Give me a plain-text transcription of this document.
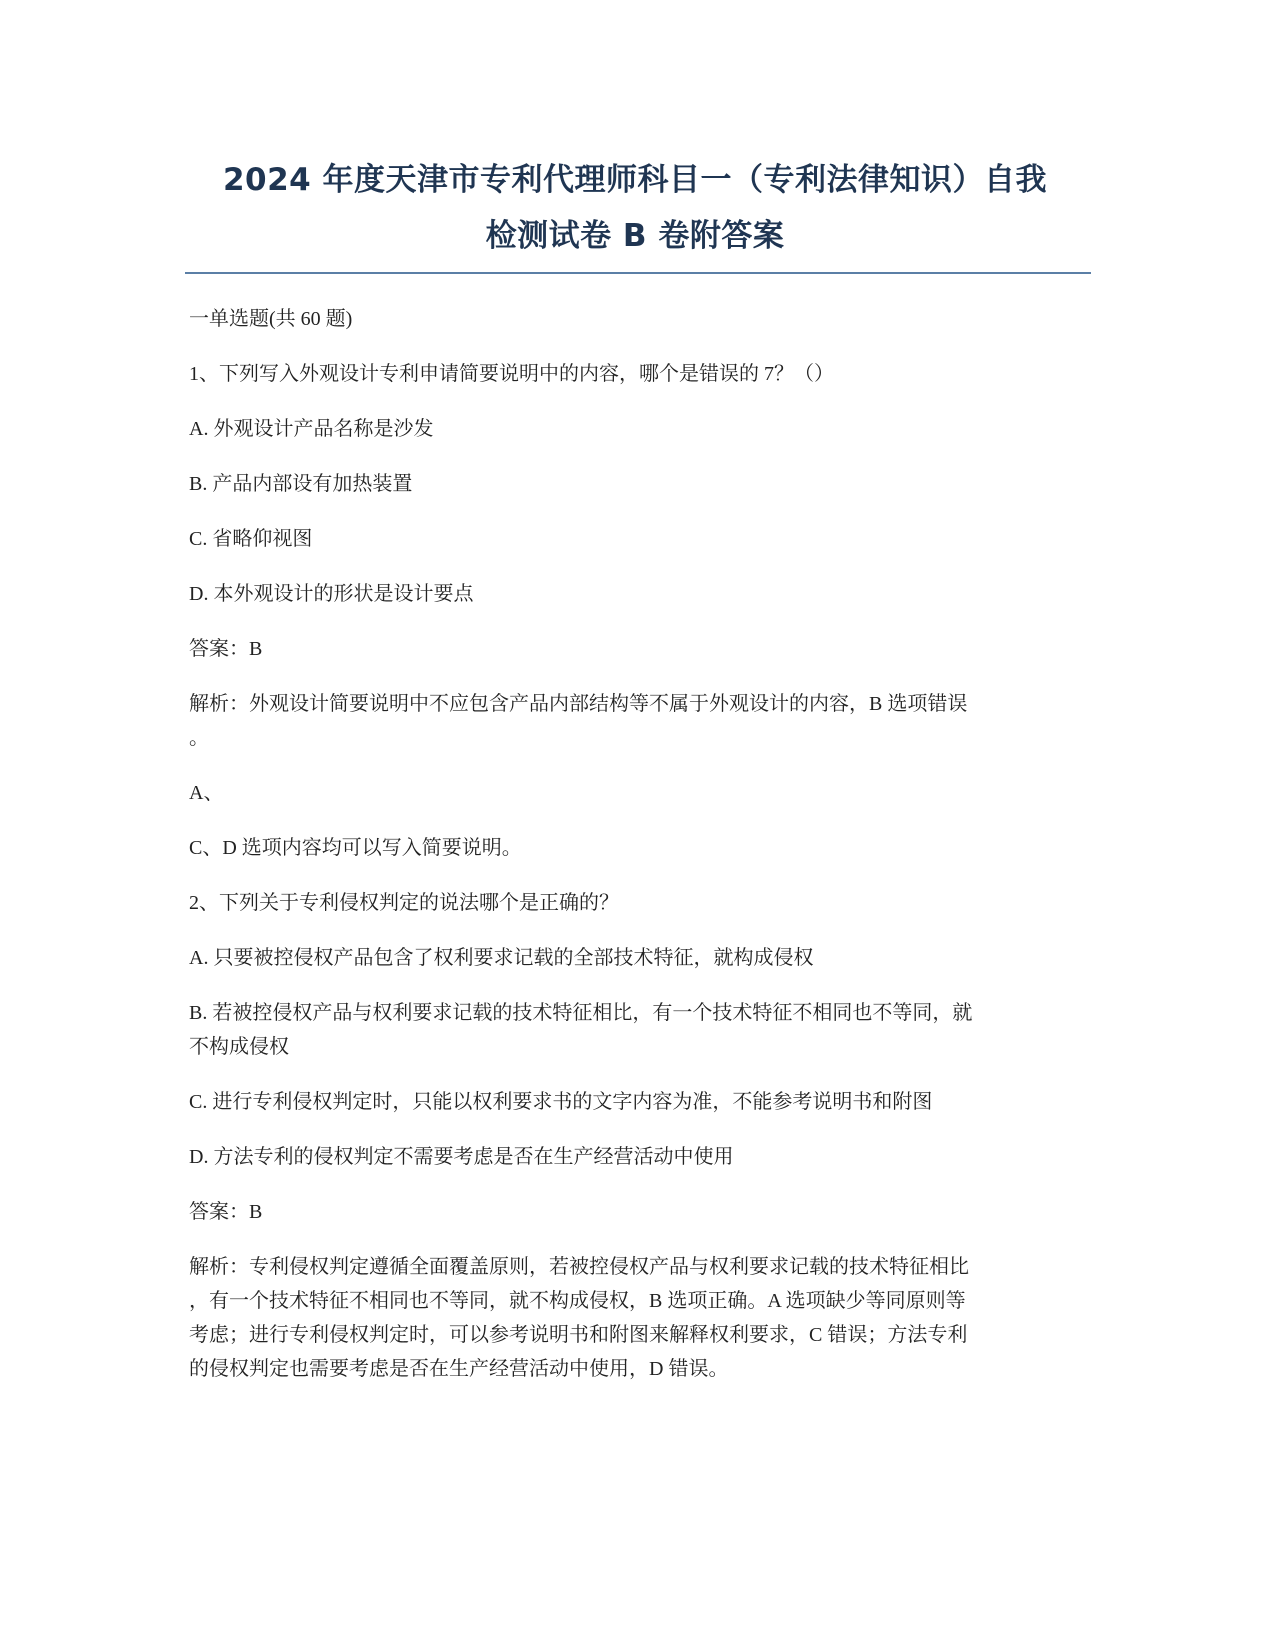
2024 年度天津市专利代理师科目一（专利法律知识）自我

检测试卷 B 卷附答案

一单选题(共 60 题)

1、下列写入外观设计专利申请简要说明中的内容，哪个是错误的 7？（）

A. 外观设计产品名称是沙发

B. 产品内部设有加热装置

C. 省略仰视图

D. 本外观设计的形状是设计要点

答案：B

解析：外观设计简要说明中不应包含产品内部结构等不属于外观设计的内容，B 选项错误

。

A、

C、D 选项内容均可以写入简要说明。

2、下列关于专利侵权判定的说法哪个是正确的？

A. 只要被控侵权产品包含了权利要求记载的全部技术特征，就构成侵权

B. 若被控侵权产品与权利要求记载的技术特征相比，有一个技术特征不相同也不等同，就

不构成侵权

C. 进行专利侵权判定时，只能以权利要求书的文字内容为准，不能参考说明书和附图

D. 方法专利的侵权判定不需要考虑是否在生产经营活动中使用

答案：B

解析：专利侵权判定遵循全面覆盖原则，若被控侵权产品与权利要求记载的技术特征相比

，有一个技术特征不相同也不等同，就不构成侵权，B 选项正确。A 选项缺少等同原则等

考虑；进行专利侵权判定时，可以参考说明书和附图来解释权利要求，C 错误；方法专利

的侵权判定也需要考虑是否在生产经营活动中使用，D 错误。
